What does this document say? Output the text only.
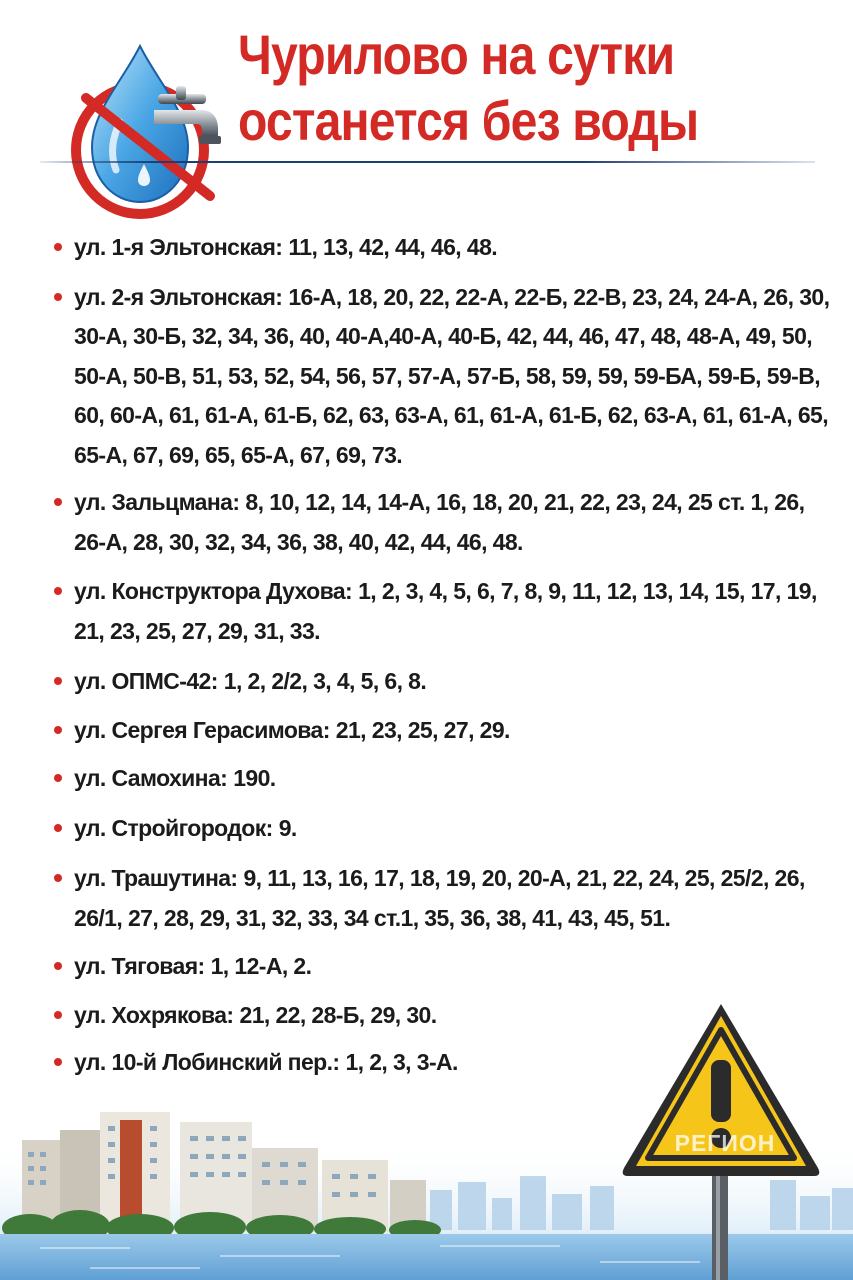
Чурилово на сутки
останется без воды
ул. 1-я Эльтонская: 11, 13, 42, 44, 46, 48.
ул. 2-я Эльтонская: 16-А, 18, 20, 22, 22-А, 22-Б, 22-В, 23, 24, 24-А, 26, 30, 30-А, 30-Б, 32, 34, 36, 40, 40-А,40-А, 40-Б, 42, 44, 46, 47, 48, 48-А, 49, 50, 50-А, 50-В, 51, 53, 52, 54, 56, 57, 57-А, 57-Б, 58, 59, 59, 59-БА, 59-Б, 59-В, 60, 60-А, 61, 61-А, 61-Б, 62, 63, 63-А, 61, 61-А, 61-Б, 62, 63-А, 61, 61-А, 65, 65-А, 67, 69, 65, 65-А, 67, 69, 73.
ул. Зальцмана: 8, 10, 12, 14, 14-А, 16, 18, 20, 21, 22, 23, 24, 25 ст. 1, 26, 26-А, 28, 30, 32, 34, 36, 38, 40, 42, 44, 46, 48.
ул. Конструктора Духова: 1, 2, 3, 4, 5, 6, 7, 8, 9, 11, 12, 13, 14, 15, 17, 19, 21, 23, 25, 27, 29, 31, 33.
ул. ОПМС-42: 1, 2, 2/2, 3, 4, 5, 6, 8.
ул. Сергея Герасимова: 21, 23, 25, 27, 29.
ул. Самохина: 190.
ул. Стройгородок: 9.
ул. Трашутина: 9, 11, 13, 16, 17, 18, 19, 20, 20-А, 21, 22, 24, 25, 25/2, 26, 26/1, 27, 28, 29, 31, 32, 33, 34 ст.1, 35, 36, 38, 41, 43, 45, 51.
ул. Тяговая: 1, 12-А, 2.
ул. Хохрякова: 21, 22, 28-Б, 29, 30.
ул. 10-й Лобинский пер.: 1, 2, 3, 3-А.
РЕГИОН
